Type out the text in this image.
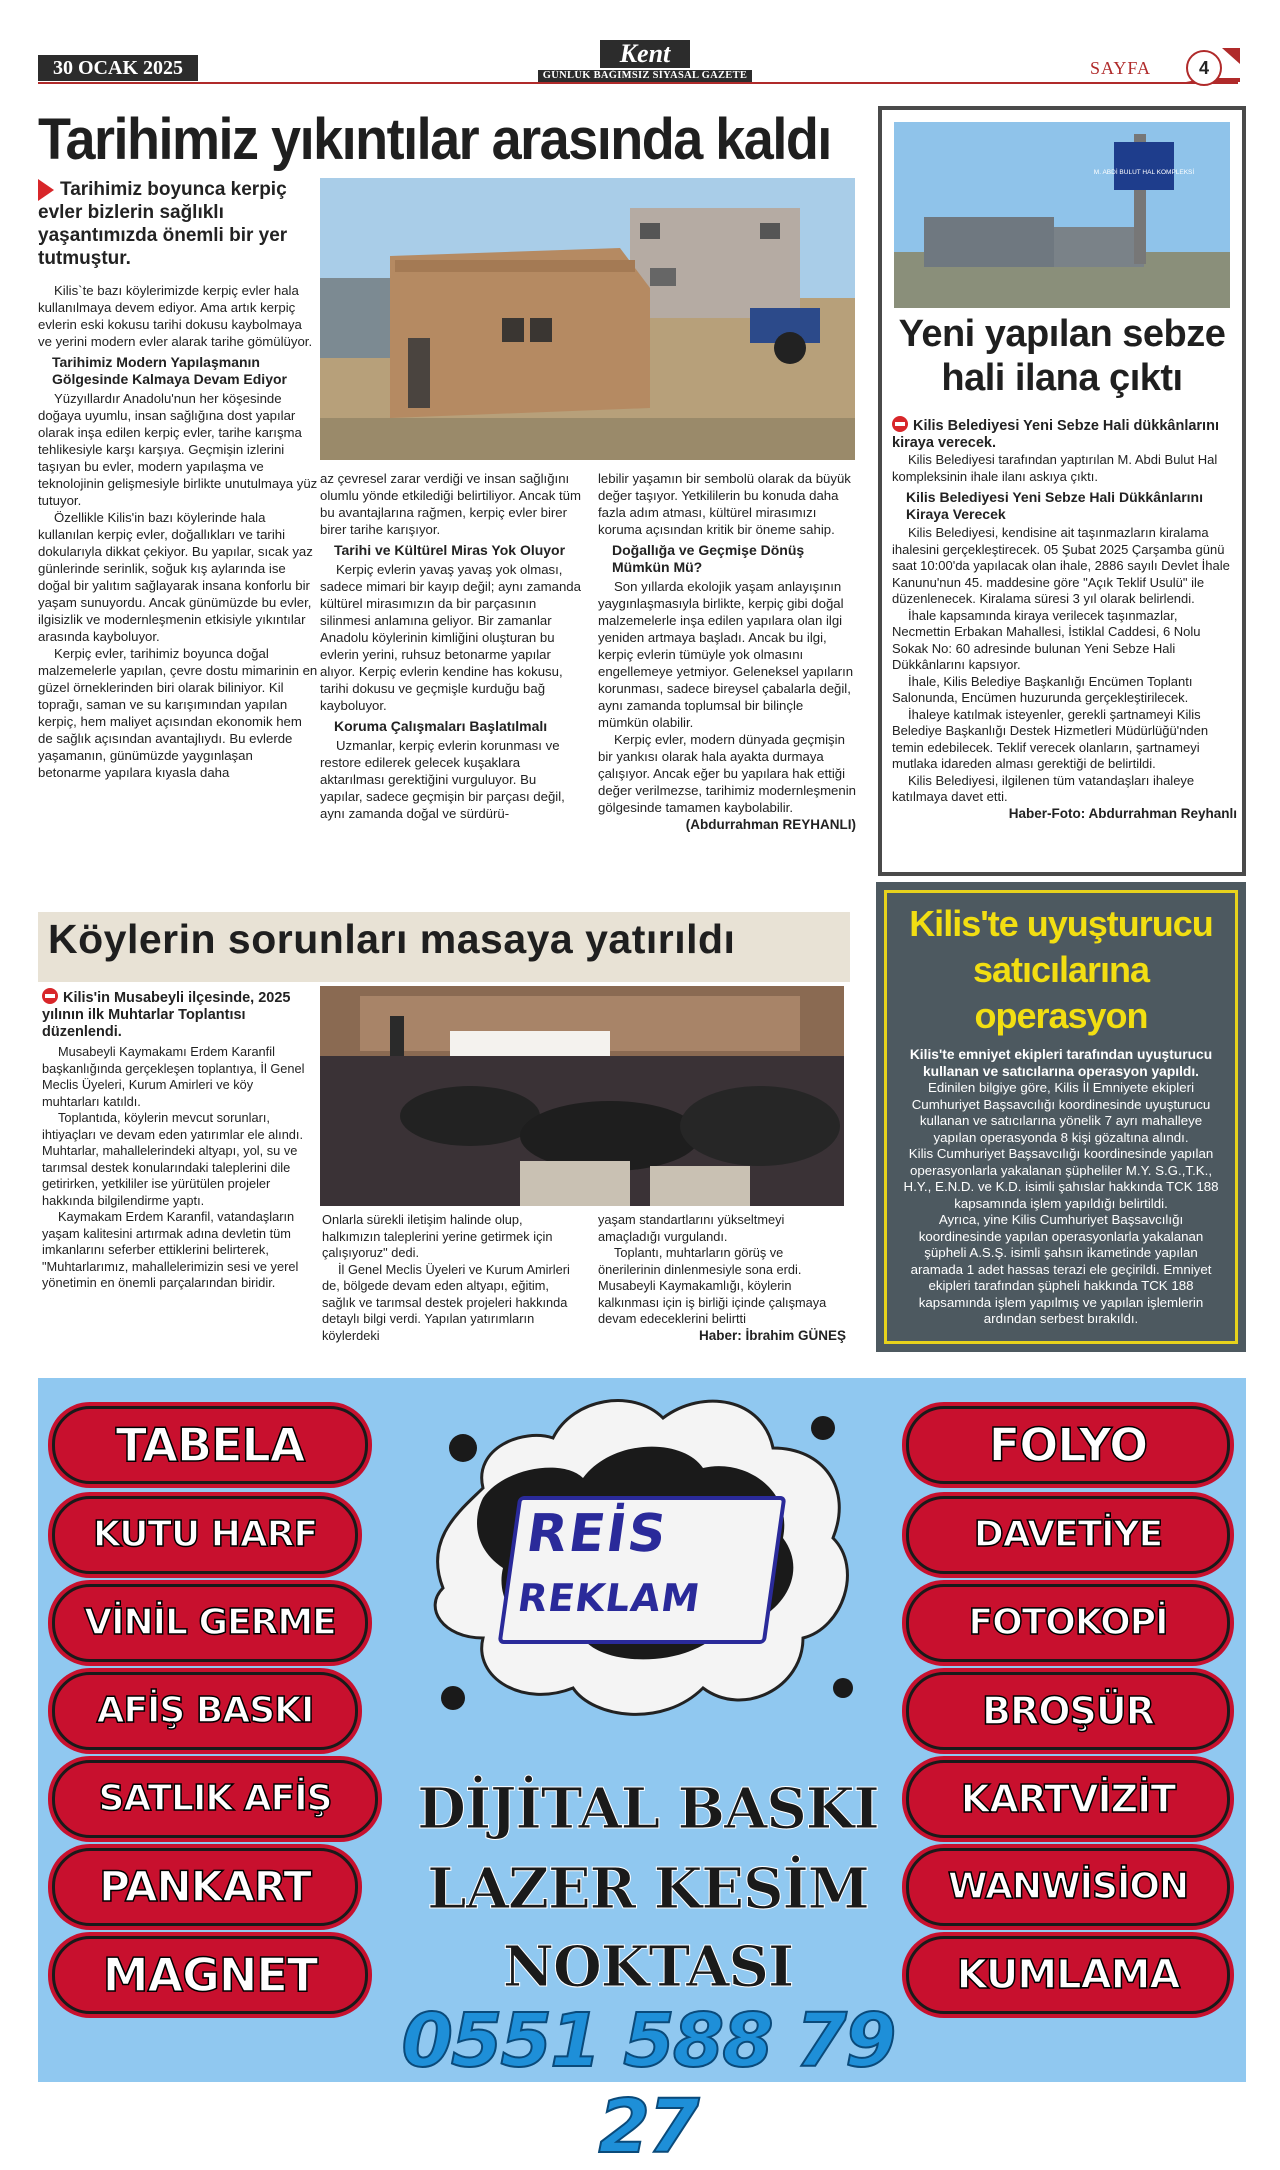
30 OCAK 2025	Kent
GÜNLÜK BAĞIMSIZ SİYASAL GAZETE	SAYFA	4
Tarihimiz yıkıntılar arasında kaldı
Tarihimiz boyunca kerpiç evler bizlerin sağlıklı yaşantımızda önemli bir yer tutmuştur.

Kilis`te bazı köylerimizde kerpiç evler hala kullanılmaya devem ediyor. Ama artık kerpiç evlerin eski kokusu tarihi dokusu kaybolmaya ve yerini modern evler alarak tarihe gömülüyor.

Tarihimiz Modern Yapılaşmanın Gölgesinde Kalmaya Devam Ediyor

Yüzyıllardır Anadolu'nun her köşesinde doğaya uyumlu, insan sağlığına dost yapılar olarak inşa edilen kerpiç evler, tarihe karışma tehlikesiyle karşı karşıya. Geçmişin izlerini taşıyan bu evler, modern yapılaşma ve teknolojinin gelişmesiyle birlikte unutulmaya yüz tutuyor.

Özellikle Kilis'in bazı köylerinde hala kullanılan kerpiç evler, doğallıkları ve tarihi dokularıyla dikkat çekiyor. Bu yapılar, sıcak yaz günlerinde serinlik, soğuk kış aylarında ise doğal bir yalıtım sağlayarak insana konforlu bir yaşam sunuyordu. Ancak günümüzde bu evler, ilgisizlik ve modernleşmenin etkisiyle yıkıntılar arasında kayboluyor.

Kerpiç evler, tarihimiz boyunca doğal malzemelerle yapılan, çevre dostu mimarinin en güzel örneklerinden biri olarak biliniyor. Kil toprağı, saman ve su karışımından yapılan kerpiç, hem maliyet açısından ekonomik hem de sağlık açısından avantajlıydı. Bu evlerde yaşamanın, günümüzde yaygınlaşan betonarme yapılara kıyasla daha

az çevresel zarar verdiği ve insan sağlığını olumlu yönde etkilediği belirtiliyor. Ancak tüm bu avantajlarına rağmen, kerpiç evler birer birer tarihe karışıyor.

Tarihi ve Kültürel Miras Yok Oluyor

Kerpiç evlerin yavaş yavaş yok olması, sadece mimari bir kayıp değil; aynı zamanda kültürel mirasımızın da bir parçasının silinmesi anlamına geliyor. Bir zamanlar Anadolu köylerinin kimliğini oluşturan bu evlerin yerini, ruhsuz betonarme yapılar alıyor. Kerpiç evlerin kendine has kokusu, tarihi dokusu ve geçmişle kurduğu bağ kayboluyor.

Koruma Çalışmaları Başlatılmalı

Uzmanlar, kerpiç evlerin korunması ve restore edilerek gelecek kuşaklara aktarılması gerektiğini vurguluyor. Bu yapılar, sadece geçmişin bir parçası değil, aynı zamanda doğal ve sürdürü-

lebilir yaşamın bir sembolü olarak da büyük değer taşıyor. Yetkililerin bu konuda daha fazla adım atması, kültürel mirasımızı koruma açısından kritik bir öneme sahip.

Doğallığa ve Geçmişe Dönüş Mümkün Mü?

Son yıllarda ekolojik yaşam anlayışının yaygınlaşmasıyla birlikte, kerpiç gibi doğal malzemelerle inşa edilen yapılara olan ilgi yeniden artmaya başladı. Ancak bu ilgi, kerpiç evlerin tümüyle yok olmasını engellemeye yetmiyor. Geleneksel yapıların korunması, sadece bireysel çabalarla değil, aynı zamanda toplumsal bir bilinçle mümkün olabilir.

Kerpiç evler, modern dünyada geçmişin bir yankısı olarak hala ayakta durmaya çalışıyor. Ancak eğer bu yapılara hak ettiği değer verilmezse, tarihimiz modernleşmenin gölgesinde tamamen kaybolabilir.

(Abdurrahman REYHANLI)
M. ABDİ BULUT HAL KOMPLEKSİ
Yeni yapılan sebze hali ilana çıktı
Kilis Belediyesi Yeni Sebze Hali dükkânlarını kiraya verecek.

Kilis Belediyesi tarafından yaptırılan M. Abdi Bulut Hal kompleksinin ihale ilanı askıya çıktı.

Kilis Belediyesi Yeni Sebze Hali Dükkânlarını Kiraya Verecek

Kilis Belediyesi, kendisine ait taşınmazların kiralama ihalesini gerçekleştirecek. 05 Şubat 2025 Çarşamba günü saat 10:00'da yapılacak olan ihale, 2886 sayılı Devlet İhale Kanunu'nun 45. maddesine göre "Açık Teklif Usulü" ile düzenlenecek. Kiralama süresi 3 yıl olarak belirlendi.

İhale kapsamında kiraya verilecek taşınmazlar, Necmettin Erbakan Mahallesi, İstiklal Caddesi, 6 Nolu Sokak No: 60 adresinde bulunan Yeni Sebze Hali Dükkânlarını kapsıyor.

İhale, Kilis Belediye Başkanlığı Encümen Toplantı Salonunda, Encümen huzurunda gerçekleştirilecek.

İhaleye katılmak isteyenler, gerekli şartnameyi Kilis Belediye Başkanlığı Destek Hizmetleri Müdürlüğü'nden temin edebilecek. Teklif verecek olanların, şartnameyi mutlaka idareden alması gerektiği de belirtildi.

Kilis Belediyesi, ilgilenen tüm vatandaşları ihaleye katılmaya davet etti.

Haber-Foto: Abdurrahman Reyhanlı
Kilis'te uyuşturucu
satıcılarına operasyon

Kilis'te emniyet ekipleri tarafından uyuşturucu kullanan ve satıcılarına operasyon yapıldı.

Edinilen bilgiye göre, Kilis İl Emniyete ekipleri Cumhuriyet Başsavcılığı koordinesinde uyuşturucu kullanan ve satıcılarına yönelik 7 ayrı mahalleye yapılan operasyonda 8 kişi gözaltına alındı.

Kilis Cumhuriyet Başsavcılığı koordinesinde yapılan operasyonlarla yakalanan şüpheliler M.Y. S.G.,T.K., H.Y., E.N.D. ve K.D. isimli şahıslar hakkında TCK 188 kapsamında işlem yapıldığı belirtildi.

Ayrıca, yine Kilis Cumhuriyet Başsavcılığı koordinesinde yapılan operasyonlarla yakalanan şüpheli A.S.Ş. isimli şahsın ikametinde yapılan aramada 1 adet hassas terazi ele geçirildi. Emniyet ekipleri tarafından şüpheli hakkında TCK 188 kapsamında işlem yapılmış ve yapılan işlemlerin ardından serbest bırakıldı.

Köylerin sorunları masaya yatırıldı
Kilis'in Musabeyli ilçesinde, 2025 yılının ilk Muhtarlar Toplantısı düzenlendi.

Musabeyli Kaymakamı Erdem Karanfil başkanlığında gerçekleşen toplantıya, İl Genel Meclis Üyeleri, Kurum Amirleri ve köy muhtarları katıldı.

Toplantıda, köylerin mevcut sorunları, ihtiyaçları ve devam eden yatırımlar ele alındı. Muhtarlar, mahallelerindeki altyapı, yol, su ve tarımsal destek konularındaki taleplerini dile getirirken, yetkililer ise yürütülen projeler hakkında bilgilendirme yaptı.

Kaymakam Erdem Karanfil, vatandaşların yaşam kalitesini artırmak adına devletin tüm imkanlarını seferber ettiklerini belirterek, "Muhtarlarımız, mahallelerimizin sesi ve yerel yönetimin en önemli parçalarından biridir.

Onlarla sürekli iletişim halinde olup, halkımızın taleplerini yerine getirmek için çalışıyoruz" dedi.

İl Genel Meclis Üyeleri ve Kurum Amirleri de, bölgede devam eden altyapı, eğitim, sağlık ve tarımsal destek projeleri hakkında detaylı bilgi verdi. Yapılan yatırımların köylerdeki

yaşam standartlarını yükseltmeyi amaçladığı vurgulandı.

Toplantı, muhtarların görüş ve önerilerinin dinlenmesiyle sona erdi. Musabeyli Kaymakamlığı, köylerin kalkınması için iş birliği içinde çalışmaya devam edeceklerini belirtti

Haber: İbrahim GÜNEŞ
REİS
REKLAM
TABELA
KUTU HARF
VİNİL GERME
AFİŞ BASKI
SATLIK AFİŞ
PANKART
MAGNET
FOLYO
DAVETİYE
FOTOKOPİ
BROŞÜR
KARTVİZİT
WANWİSİON
KUMLAMA
DİJİTAL BASKI
LAZER KESİM
NOKTASI
0551 588 79 27
